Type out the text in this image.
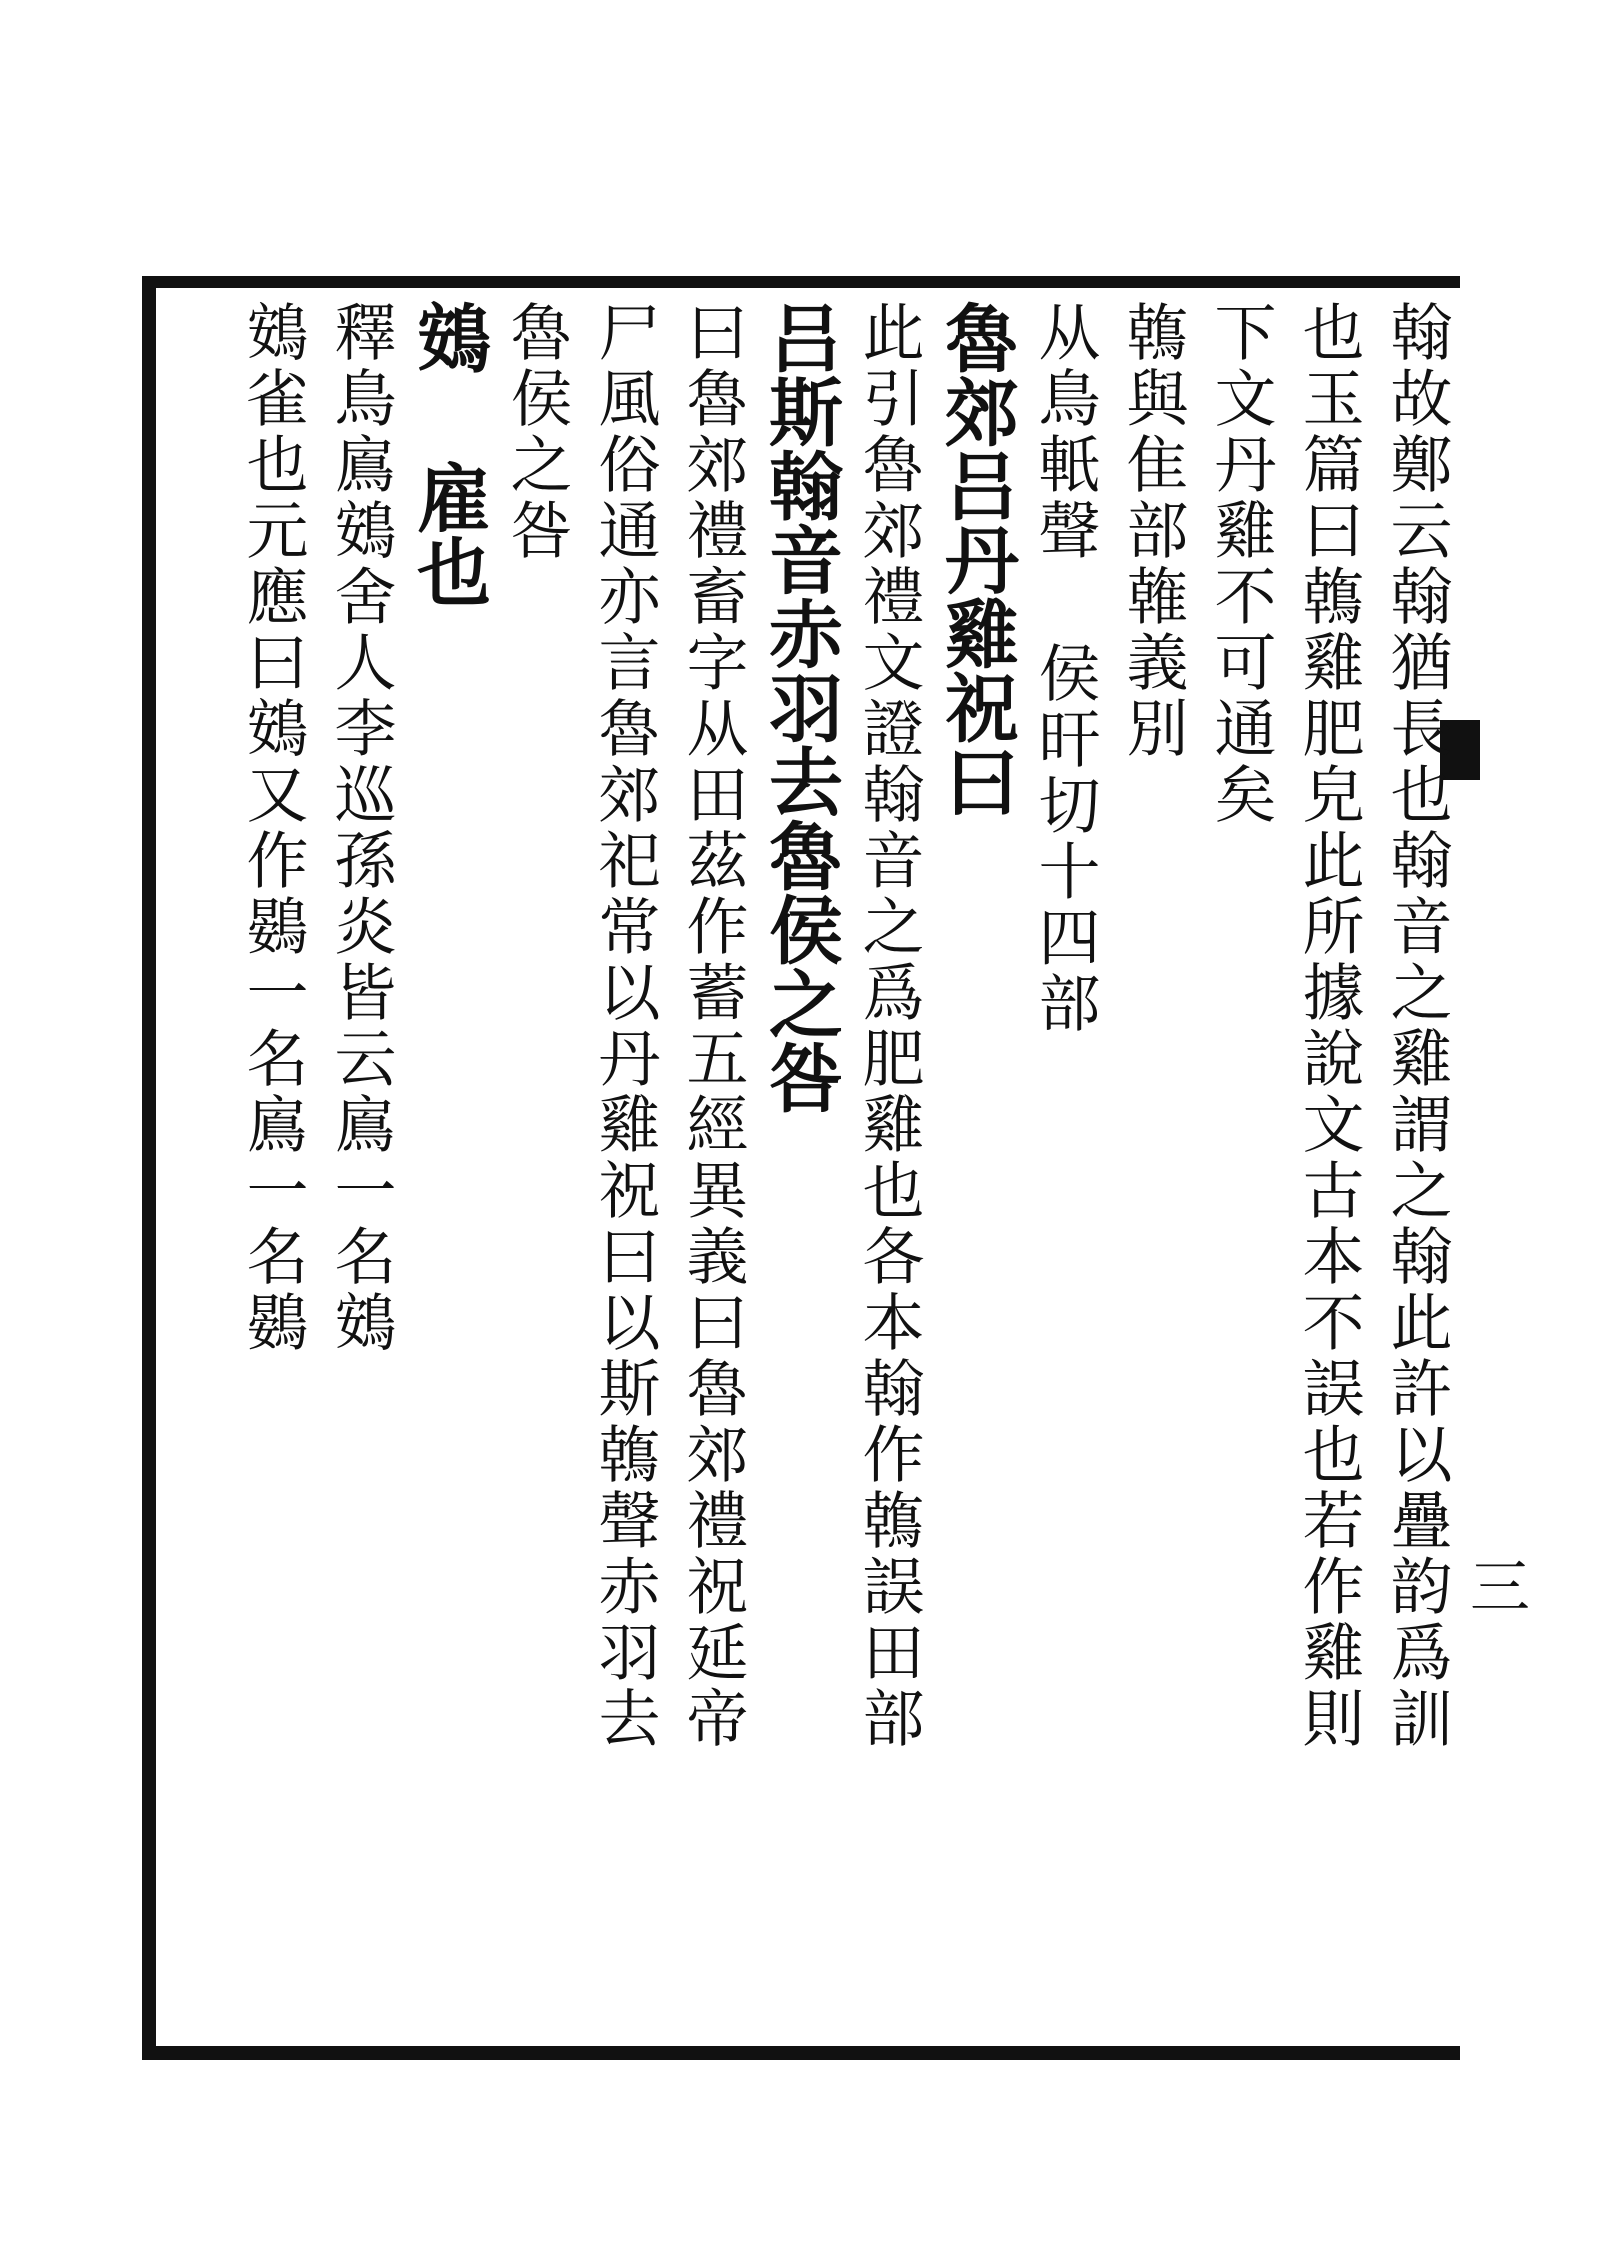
翰故鄭云翰猶長也翰音之雞謂之翰此許以疊韵爲訓
也玉篇曰鶾雞肥皃此所據說文古本不誤也若作雞則
下文丹雞不可通矣
鶾與隹部雗義別
从鳥軝聲 侯旰切十四部
魯郊吕丹雞祝曰
此引魯郊禮文證翰音之爲肥雞也各本翰作鶾誤田部
吕斯翰音赤羽去魯侯之咎
曰魯郊禮畜字从田茲作蓄五經異義曰魯郊禮祝延帝
尸風俗通亦言魯郊祀常以丹雞祝曰以斯鶾聲赤羽去
魯侯之咎
鴳 雇也
釋鳥鳸鴳舍人李巡孫炎皆云鳸一名鴳
鴳雀也元應曰鴳又作鷃一名鳸一名鷃
三
